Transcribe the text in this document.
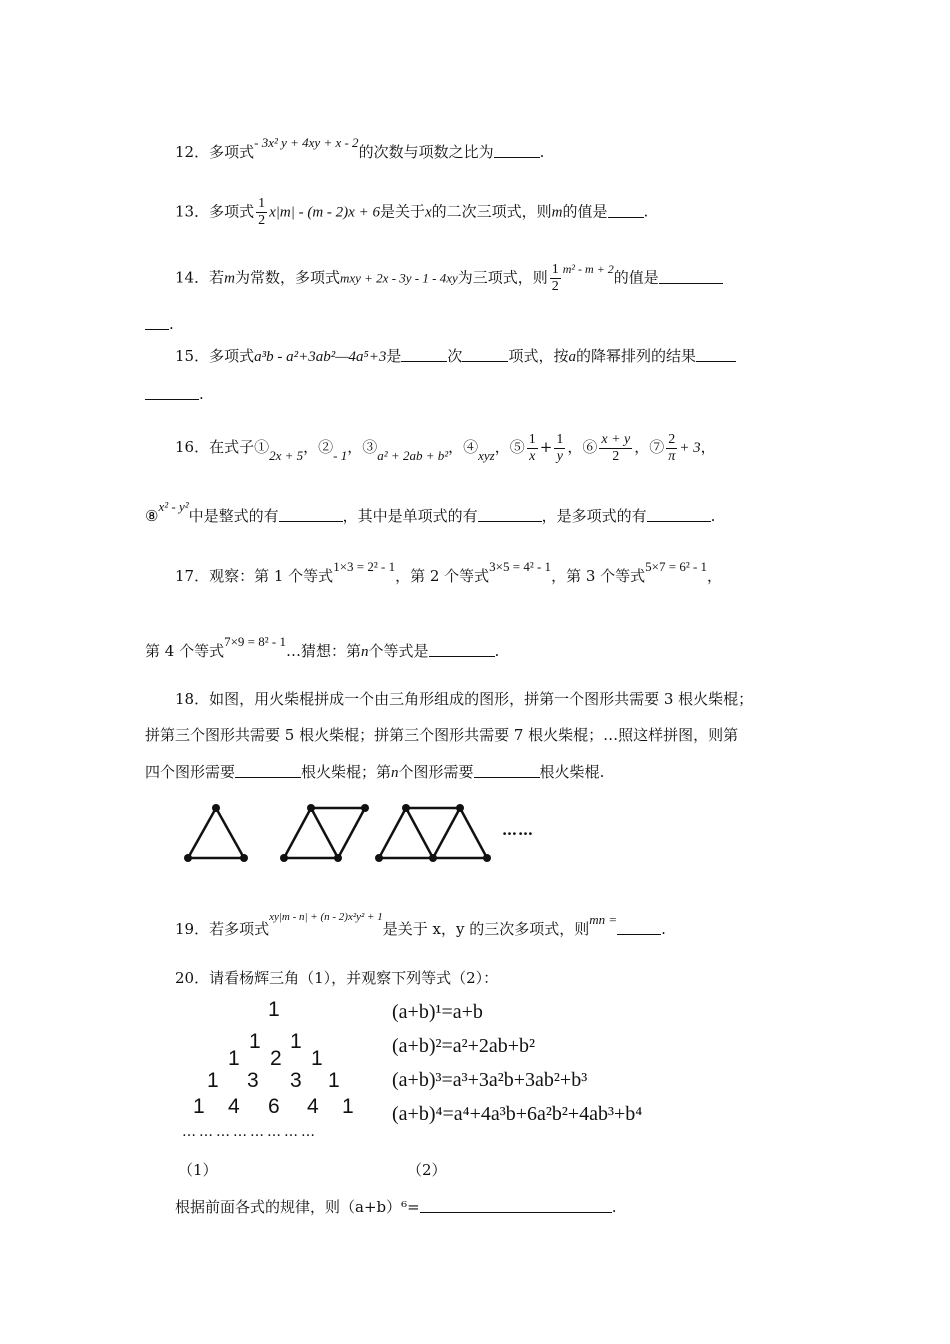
12．多项式- 3x² y + 4xy + x - 2的次数与项数之比为	.
13．多项式 $\frac{1}{2} x|m| - (m - 2)x + 6$是关于x的二次三项式，则m的值是 .
14．若m为常数，多项式mxy + 2x - 3y - 1 - 4xy为三项式，则 $\frac{1}{2} ^{m^2 - m + 2}$的值是
.
15．多项式a³b - a²+3ab²—4a⁵+3是	次	项式，按a的降幂排列的结果
.
16．在式子①2x + 5，②- 1，③a² + 2ab + b²，④xyz，⑤ $\frac{1}{x} + \frac{1}{y}$ ，⑥ $\frac{x + y}{2}$ ，⑦ $\frac{2}{\pi} + 3$，
⑧x² - y²中是整式的有	，其中是单项式的有	，是多项式的有	.
17．观察：第 1 个等式1×3 = 2² - 1，第 2 个等式3×5 = 4² - 1，第 3 个等式5×7 = 6² - 1，
第 4 个等式7×9 = 8² - 1…猜想：第n个等式是	.
18．如图，用火柴棍拼成一个由三角形组成的图形，拼第一个图形共需要 3 根火柴棍；
拼第三个图形共需要 5 根火柴棍；拼第三个图形共需要 7 根火柴棍；…照这样拼图，则第
四个图形需要	根火柴棍；第n个图形需要	根火柴棍.
……
19．若多项式$^{xy|m - n| + (n - 2)x^2y^2 + 1}$是关于 x，y 的三次多项式，则mn =.
20．请看杨辉三角（1），并观察下列等式（2）：
1
1 1
1 2 1
1 3 3 1
1 4 6 4 1
……………………
(a+b)¹=a+b
(a+b)²=a²+2ab+b²
(a+b)³=a³+3a²b+3ab²+b³
(a+b)⁴=a⁴+4a³b+6a²b²+4ab³+b⁴
（1）	（2）
根据前面各式的规律，则（a+b）⁶=	.
